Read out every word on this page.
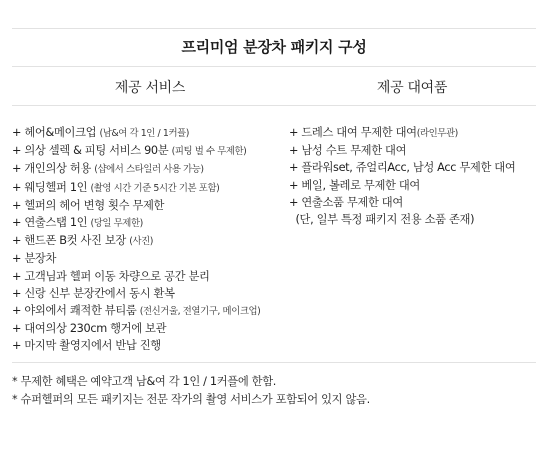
프리미엄 분장차 패키지 구성
제공 서비스	제공 대여품
+ 헤어&메이크업 (남&여 각 1인 / 1커플)
+ 의상 셀렉 & 피팅 서비스 90분 (피팅 벌 수 무제한)
+ 개인의상 허용 (샵에서 스타일러 사용 가능)
+ 웨딩헬퍼 1인 (촬영 시간 기준 5시간 기본 포함)
+ 헬퍼의 헤어 변형 횟수 무제한
+ 연출스탭 1인 (당일 무제한)
+ 핸드폰 B컷 사진 보장 (사진)
+ 분장차
+ 고객님과 헬퍼 이동 차량으로 공간 분리
+ 신랑 신부 분장칸에서 동시 환복
+ 야외에서 쾌적한 뷰티룸 (전신거울, 전열기구, 메이크업)
+ 대여의상 230cm 행거에 보관
+ 마지막 촬영지에서 반납 진행
+ 드레스 대여 무제한 대여(라인무관)
+ 남성 수트 무제한 대여
+ 플라워set, 쥬얼리Acc, 남성 Acc 무제한 대여
+ 베일, 볼레로 무제한 대여
+ 연출소품 무제한 대여
(단, 일부 특정 패키지 전용 소품 존재)
* 무제한 혜택은 예약고객 남&여 각 1인 / 1커플에 한함.
* 슈퍼헬퍼의 모든 패키지는 전문 작가의 촬영 서비스가 포함되어 있지 않음.
